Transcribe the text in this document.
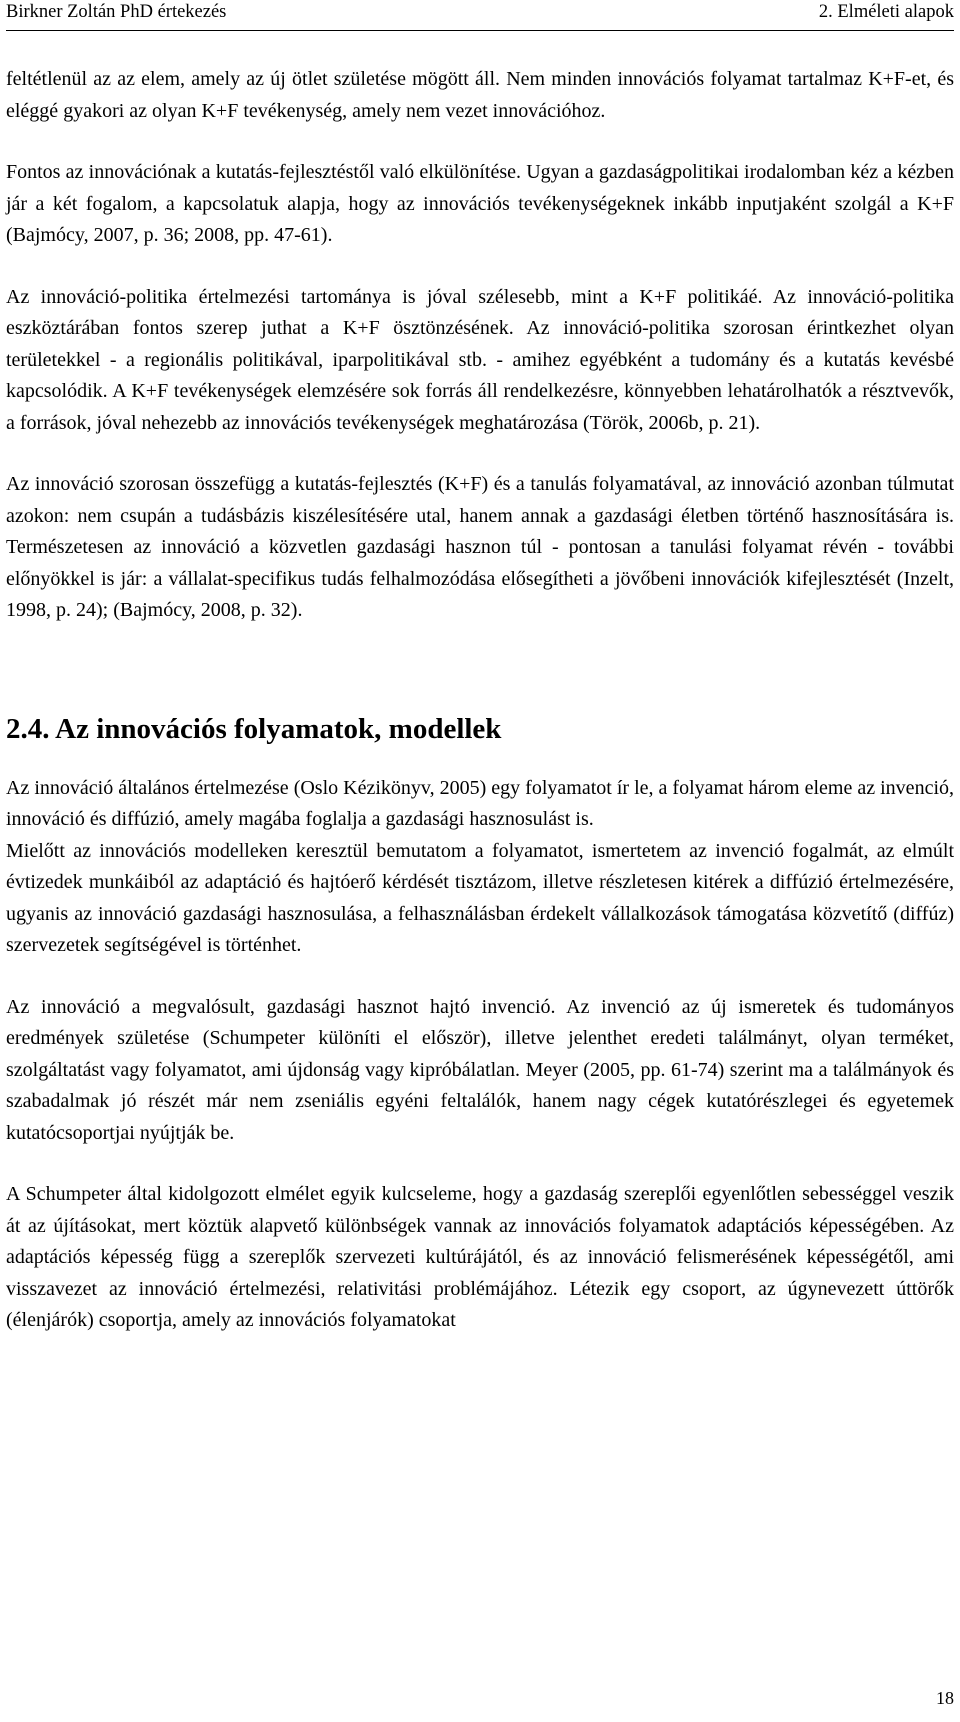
Birkner Zoltán PhD értekezés	2. Elméleti alapok

feltétlenül az az elem, amely az új ötlet születése mögött áll. Nem minden innovációs folyamat tartalmaz K+F-et, és eléggé gyakori az olyan K+F tevékenység, amely nem vezet innovációhoz.

Fontos az innovációnak a kutatás-fejlesztéstől való elkülönítése. Ugyan a gazdaságpolitikai irodalomban kéz a kézben jár a két fogalom, a kapcsolatuk alapja, hogy az innovációs tevékenységeknek inkább inputjaként szolgál a K+F (Bajmócy, 2007, p. 36; 2008, pp. 47-61).

Az innováció-politika értelmezési tartománya is jóval szélesebb, mint a K+F politikáé. Az innováció-politika eszköztárában fontos szerep juthat a K+F ösztönzésének. Az innováció-politika szorosan érintkezhet olyan területekkel - a regionális politikával, iparpolitikával stb. - amihez egyébként a tudomány és a kutatás kevésbé kapcsolódik. A K+F tevékenységek elemzésére sok forrás áll rendelkezésre, könnyebben lehatárolhatók a résztvevők, a források, jóval nehezebb az innovációs tevékenységek meghatározása (Török, 2006b, p. 21).

Az innováció szorosan összefügg a kutatás-fejlesztés (K+F) és a tanulás folyamatával, az innováció azonban túlmutat azokon: nem csupán a tudásbázis kiszélesítésére utal, hanem annak a gazdasági életben történő hasznosítására is. Természetesen az innováció a közvetlen gazdasági hasznon túl - pontosan a tanulási folyamat révén - további előnyökkel is jár: a vállalat-specifikus tudás felhalmozódása elősegítheti a jövőbeni innovációk kifejlesztését (Inzelt, 1998, p. 24); (Bajmócy, 2008, p. 32).

2.4. Az innovációs folyamatok, modellek

Az innováció általános értelmezése (Oslo Kézikönyv, 2005) egy folyamatot ír le, a folyamat három eleme az invenció, innováció és diffúzió, amely magába foglalja a gazdasági hasznosulást is.

Mielőtt az innovációs modelleken keresztül bemutatom a folyamatot, ismertetem az invenció fogalmát, az elmúlt évtizedek munkáiból az adaptáció és hajtóerő kérdését tisztázom, illetve részletesen kitérek a diffúzió értelmezésére, ugyanis az innováció gazdasági hasznosulása, a felhasználásban érdekelt vállalkozások támogatása közvetítő (diffúz) szervezetek segítségével is történhet.

Az innováció a megvalósult, gazdasági hasznot hajtó invenció. Az invenció az új ismeretek és tudományos eredmények születése (Schumpeter különíti el először), illetve jelenthet eredeti találmányt, olyan terméket, szolgáltatást vagy folyamatot, ami újdonság vagy kipróbálatlan. Meyer (2005, pp. 61-74) szerint ma a találmányok és szabadalmak jó részét már nem zseniális egyéni feltalálók, hanem nagy cégek kutatórészlegei és egyetemek kutatócsoportjai nyújtják be.

A Schumpeter által kidolgozott elmélet egyik kulcseleme, hogy a gazdaság szereplői egyenlőtlen sebességgel veszik át az újításokat, mert köztük alapvető különbségek vannak az innovációs folyamatok adaptációs képességében. Az adaptációs képesség függ a szereplők szervezeti kultúrájától, és az innováció felismerésének képességétől, ami visszavezet az innováció értelmezési, relativitási problémájához. Létezik egy csoport, az úgynevezett úttörők (élenjárók) csoportja, amely az innovációs folyamatokat

18
